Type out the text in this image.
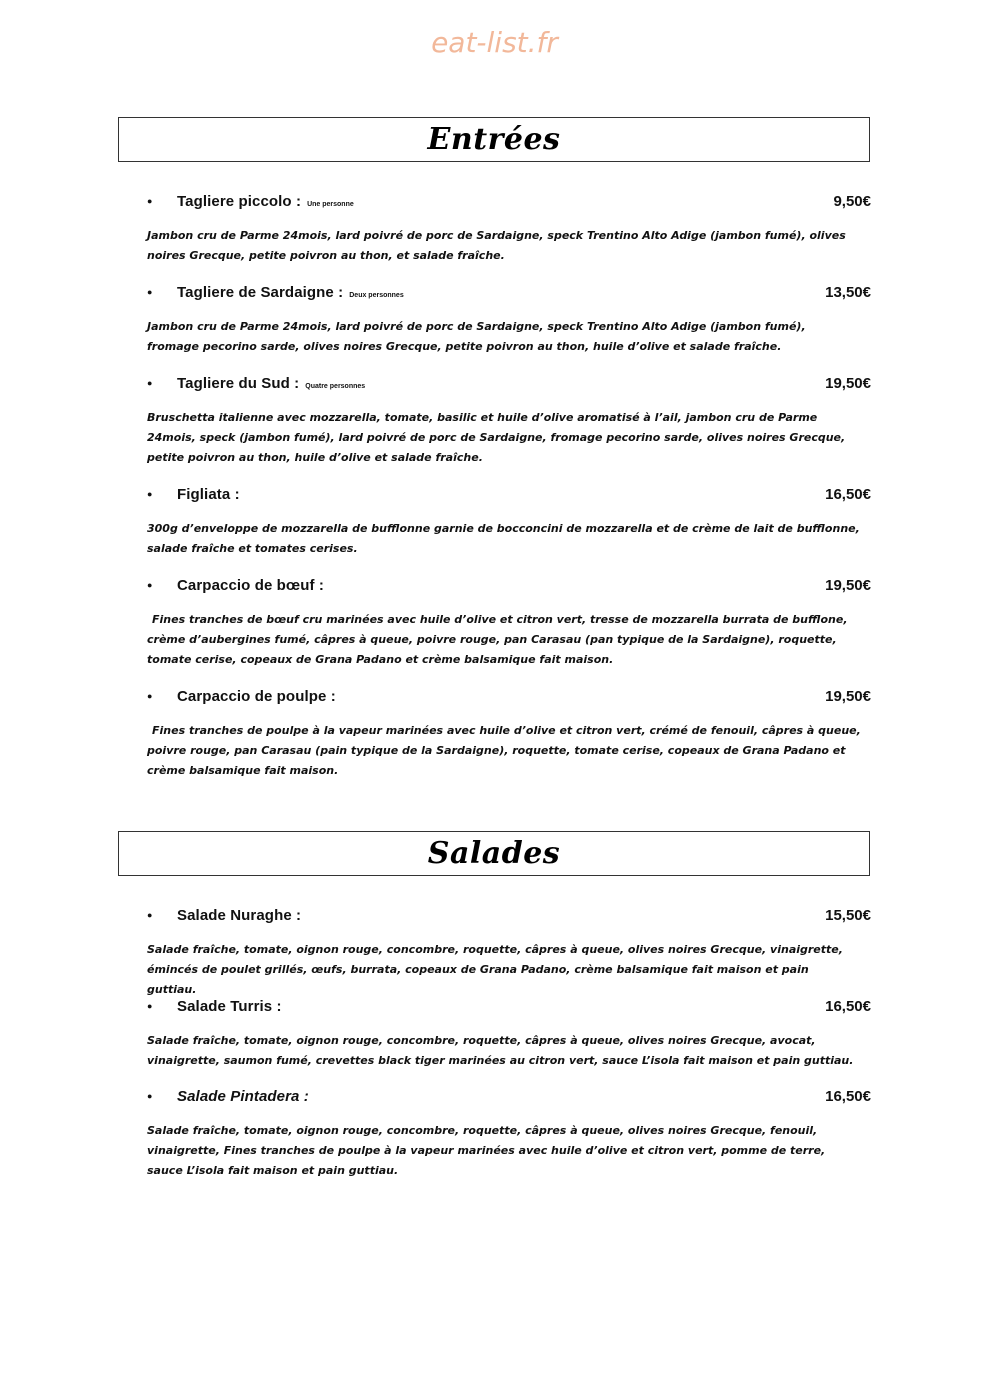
eat-list.fr
Entrées
●
Tagliere piccolo : Une personne	9,50€
Jambon cru de Parme 24mois, lard poivré de porc de Sardaigne, speck Trentino Alto Adige (jambon fumé), olives noires Grecque, petite poivron au thon, et salade fraîche.
●
Tagliere de Sardaigne : Deux personnes	13,50€
Jambon cru de Parme 24mois, lard poivré de porc de Sardaigne, speck Trentino Alto Adige (jambon fumé), fromage pecorino sarde, olives noires Grecque, petite poivron au thon, huile d’olive et salade fraîche.
●
Tagliere du Sud : Quatre personnes	19,50€
Bruschetta italienne avec mozzarella, tomate, basilic et huile d’olive aromatisé à l’ail, jambon cru de Parme 24mois, speck (jambon fumé), lard poivré de porc de Sardaigne, fromage pecorino sarde, olives noires Grecque, petite poivron au thon, huile d’olive et salade fraîche.
●
Figliata :	16,50€
300g d’enveloppe de mozzarella de bufflonne garnie de bocconcini de mozzarella et de crème de lait de bufflonne, salade fraîche et tomates cerises.
●
Carpaccio de bœuf :	19,50€
Fines tranches de bœuf cru marinées avec huile d’olive et citron vert, tresse de mozzarella burrata de bufflone, crème d’aubergines fumé, câpres à queue, poivre rouge, pan Carasau (pan typique de la Sardaigne), roquette, tomate cerise, copeaux de Grana Padano et crème balsamique fait maison.
●
Carpaccio de poulpe :	19,50€
Fines tranches de poulpe à la vapeur marinées avec huile d’olive et citron vert, crémé de fenouil, câpres à queue, poivre rouge, pan Carasau (pain typique de la Sardaigne), roquette, tomate cerise, copeaux de Grana Padano et crème balsamique fait maison.
Salades
●
Salade Nuraghe :	15,50€
Salade fraîche, tomate, oignon rouge, concombre, roquette, câpres à queue, olives noires Grecque, vinaigrette, émincés de poulet grillés, œufs, burrata, copeaux de Grana Padano, crème balsamique fait maison et pain guttiau.
●
Salade Turris :	16,50€
Salade fraîche, tomate, oignon rouge, concombre, roquette, câpres à queue, olives noires Grecque, avocat, vinaigrette, saumon fumé, crevettes black tiger marinées au citron vert, sauce L’isola fait maison et pain guttiau.
●
Salade Pintadera :	16,50€
Salade fraîche, tomate, oignon rouge, concombre, roquette, câpres à queue, olives noires Grecque, fenouil, vinaigrette, Fines tranches de poulpe à la vapeur marinées avec huile d’olive et citron vert, pomme de terre, sauce L’isola fait maison et pain guttiau.
